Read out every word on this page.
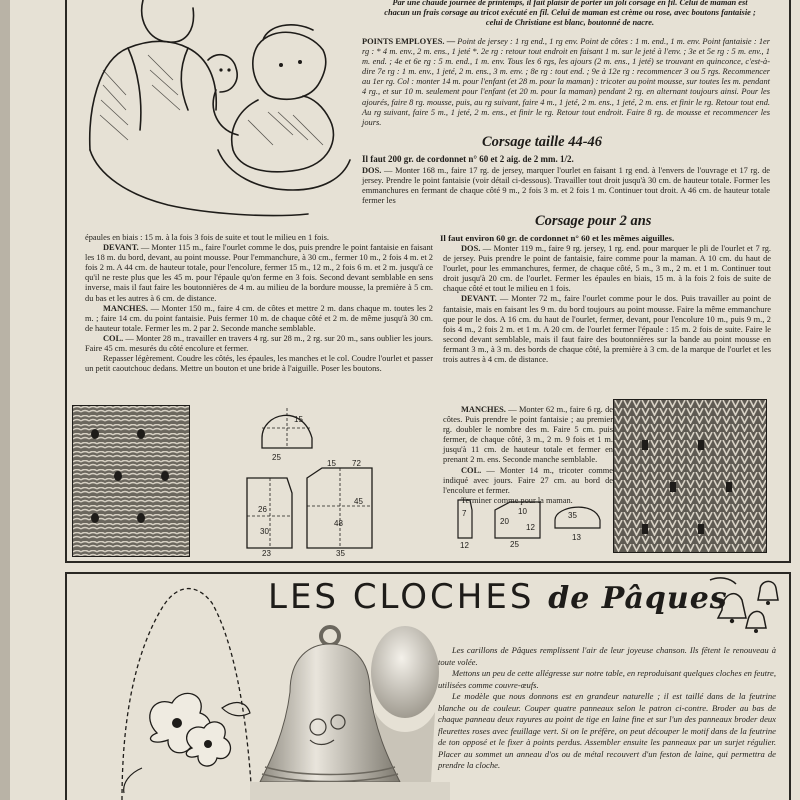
Par une chaude journée de printemps, il fait plaisir de porter un joli corsage en fil. Celui de maman est chacun un frais corsage au tricot exécuté en fil. Celui de maman est crème ou rose, avec boutons fantaisie ; celui de Christiane est blanc, boutonné de nacre.
POINTS EMPLOYES. — Point de jersey : 1 rg end., 1 rg env. Point de côtes : 1 m. end., 1 m. env. Point fantaisie : 1er rg : * 4 m. env., 2 m. ens., 1 jeté *. 2e rg : retour tout endroit en faisant 1 m. sur le jeté à l'env. ; 3e et 5e rg : 5 m. env., 1 m. end. ; 4e et 6e rg : 5 m. end., 1 m. env. Tous les 6 rgs, les ajours (2 m. ens., 1 jeté) se trouvant en quinconce, c'est-à-dire 7e rg : 1 m. env., 1 jeté, 2 m. ens., 3 m. env. ; 8e rg : tout end. ; 9e à 12e rg : recommencer 3 ou 5 rgs. Recommencer au 1er rg. Col : monter 14 m. pour l'enfant (et 28 m. pour la maman) : tricoter au point mousse, sur toutes les m. pendant 4 rg., et sur 10 m. seulement pour l'enfant (et 20 m. pour la maman) pendant 2 rg. en alternant toujours ainsi. Pour les ajourés, faire 8 rg. mousse, puis, au rg suivant, faire 4 m., 1 jeté, 2 m. ens., 1 jeté, 2 m. ens. et finir le rg. Retour tout end. Au rg suivant, faire 5 m., 1 jeté, 2 m. ens., et finir le rg. Retour tout endroit. Faire 8 rg. de mousse et recommencer les jours.
Corsage taille 44-46
Il faut 200 gr. de cordonnet n° 60 et 2 aig. de 2 mm. 1/2.
DOS. — Monter 168 m., faire 17 rg. de jersey, marquer l'ourlet en faisant 1 rg end. à l'envers de l'ouvrage et 17 rg. de jersey. Prendre le point fantaisie (voir détail ci-dessous). Travailler tout droit jusqu'à 30 cm. de hauteur totale. Former les emmanchures en fermant de chaque côté 9 m., 2 fois 3 m. et 2 fois 1 m. Continuer tout droit. A 46 cm. de hauteur totale fermer les
Corsage pour 2 ans
Il faut environ 60 gr. de cordonnet n° 60 et les mêmes aiguilles.
épaules en biais : 15 m. à la fois 3 fois de suite et tout le milieu en 1 fois.
DEVANT. — Monter 115 m., faire l'ourlet comme le dos, puis prendre le point fantaisie en faisant les 18 m. du bord, devant, au point mousse. Pour l'emmanchure, à 30 cm., fermer 10 m., 2 fois 4 m. et 2 fois 2 m. A 44 cm. de hauteur totale, pour l'encolure, fermer 15 m., 12 m., 2 fois 6 m. et 2 m. jusqu'à ce qu'il ne reste plus que les 45 m. pour l'épaule qu'on ferme en 3 fois. Second devant semblable en sens inverse, mais il faut faire les boutonnières de 4 m. au milieu de la bordure mousse, la première à 5 cm. du bas et les autres à 6 cm. de distance.
MANCHES. — Monter 150 m., faire 4 cm. de côtes et mettre 2 m. dans chaque m. toutes les 2 m. ; faire 14 cm. du point fantaisie. Puis fermer 10 m. de chaque côté et 2 m. de même jusqu'à 30 cm. de hauteur totale. Fermer les m. 2 par 2. Seconde manche semblable.
COL. — Monter 28 m., travailler en travers 4 rg. sur 28 m., 2 rg. sur 20 m., sans oublier les jours. Faire 45 cm. mesurés du côté encolure et fermer.
Repasser légèrement. Coudre les côtés, les épaules, les manches et le col. Coudre l'ourlet et passer un petit caoutchouc dedans. Mettre un bouton et une bride à l'aiguille. Poser les boutons.
DOS. — Monter 119 m., faire 9 rg. jersey, 1 rg. end. pour marquer le pli de l'ourlet et 7 rg. de jersey. Puis prendre le point de fantaisie, faire comme pour la maman. A 10 cm. du haut de l'ourlet, pour les emmanchures, fermer, de chaque côté, 5 m., 3 m., 2 m. et 1 m. Continuer tout droit jusqu'à 20 cm. de l'ourlet. Fermer les épaules en biais, 15 m. à la fois 2 fois de suite de chaque côté et tout le milieu en 1 fois.
DEVANT. — Monter 72 m., faire l'ourlet comme pour le dos. Puis travailler au point de fantaisie, mais en faisant les 9 m. du bord toujours au point mousse. Faire la même emmanchure que pour le dos. A 16 cm. du haut de l'ourlet, fermer, devant, pour l'encolure 10 m., puis 9 m., 2 fois 4 m., 2 fois 2 m. et 1 m. A 20 cm. de l'ourlet fermer l'épaule : 15 m. 2 fois de suite. Faire le second devant semblable, mais il faut faire des boutonnières sur la bande au point mousse en fermant 3 m., à 3 m. des bords de chaque côté, la première à 3 cm. de la marque de l'ourlet et les trois autres à 4 cm. de distance.
MANCHES. — Monter 62 m., faire 6 rg. de côtes. Puis prendre le point fantaisie ; au premier rg. doubler le nombre des m. Faire 5 cm. puis fermer, de chaque côté, 3 m., 2 m. 9 fois et 1 m. jusqu'à 11 cm. de hauteur totale et fermer en prenant 2 m. ens. Seconde manche semblable.
COL. — Monter 14 m., tricoter comme indiqué avec jours. Faire 27 cm. au bord de l'encolure et fermer.
Terminer comme pour la maman.
15
25
26
30
23
15 72
45
48
35
12
7
20
10
12
25
35
13
LES CLOCHES de Pâques

Les carillons de Pâques remplissent l'air de leur joyeuse chanson. Ils fêtent le renouveau à toute volée.

Mettons un peu de cette allégresse sur notre table, en reproduisant quelques cloches en feutre, utilisées comme couvre-œufs.

Le modèle que nous donnons est en grandeur naturelle ; il est taillé dans de la feutrine blanche ou de couleur. Couper quatre panneaux selon le patron ci-contre. Broder au bas de chaque panneau deux rayures au point de tige en laine fine et sur l'un des panneaux broder deux fleurettes roses avec feuillage vert. Si on le préfère, on peut découper le motif dans de la feutrine de ton opposé et le fixer à points perdus. Assembler ensuite les panneaux par un surjet régulier. Placer au sommet un anneau d'os ou de métal recouvert d'un feston de laine, qui permettra de prendre la cloche.
